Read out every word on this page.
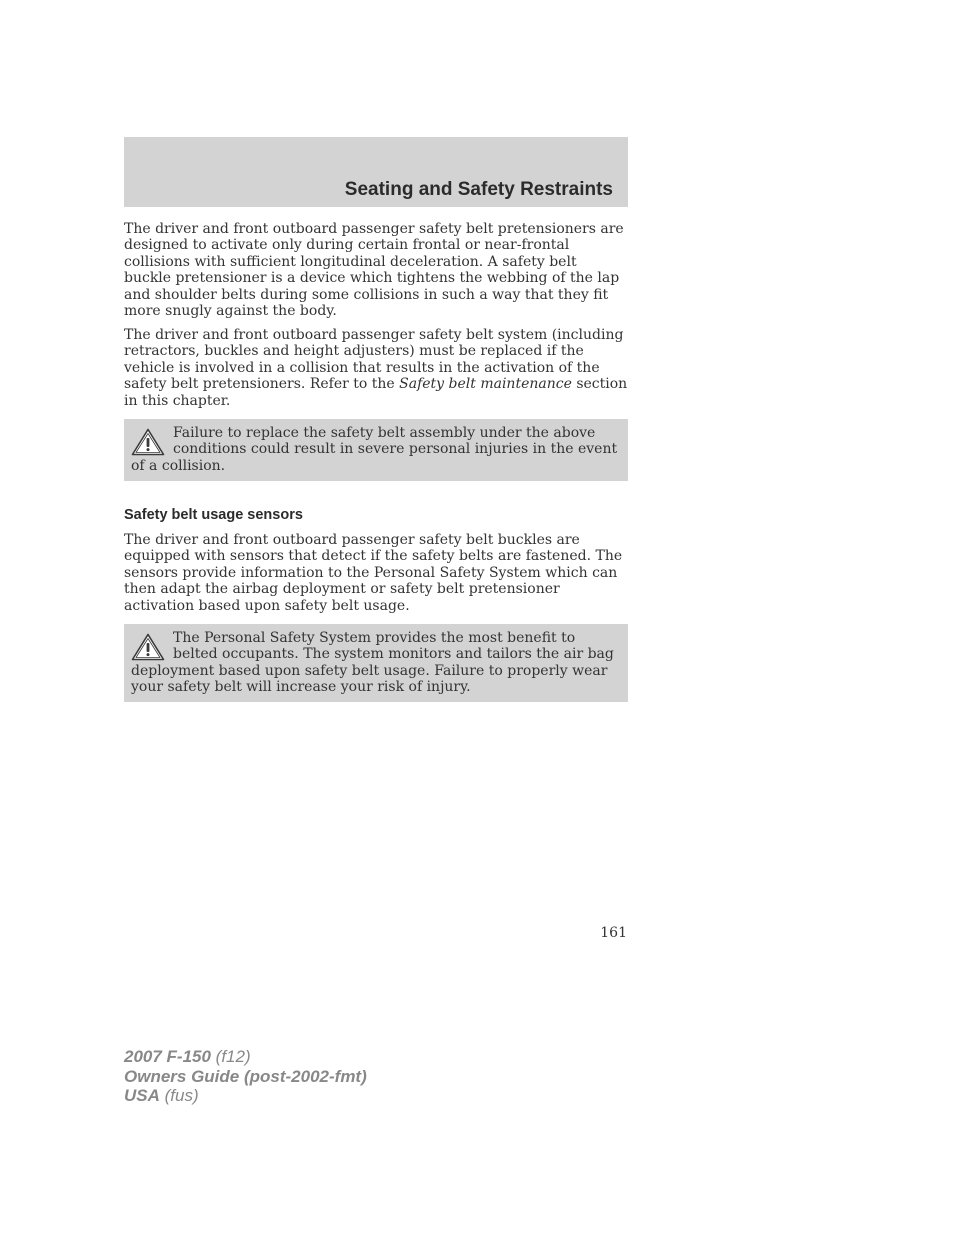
Seating and Safety Restraints

The driver and front outboard passenger safety belt pretensioners are designed to activate only during certain frontal or near-frontal collisions with sufficient longitudinal deceleration. A safety belt buckle pretensioner is a device which tightens the webbing of the lap and shoulder belts during some collisions in such a way that they fit more snugly against the body.

The driver and front outboard passenger safety belt system (including retractors, buckles and height adjusters) must be replaced if the vehicle is involved in a collision that results in the activation of the safety belt pretensioners. Refer to the Safety belt maintenance section in this chapter.

Failure to replace the safety belt assembly under the above conditions could result in severe personal injuries in the event of a collision.
Safety belt usage sensors

The driver and front outboard passenger safety belt buckles are equipped with sensors that detect if the safety belts are fastened. The sensors provide information to the Personal Safety System which can then adapt the airbag deployment or safety belt pretensioner activation based upon safety belt usage.

The Personal Safety System provides the most benefit to belted occupants. The system monitors and tailors the air bag deployment based upon safety belt usage. Failure to properly wear your safety belt will increase your risk of injury.
161
2007 F-150 (f12)
Owners Guide (post-2002-fmt)
USA (fus)
